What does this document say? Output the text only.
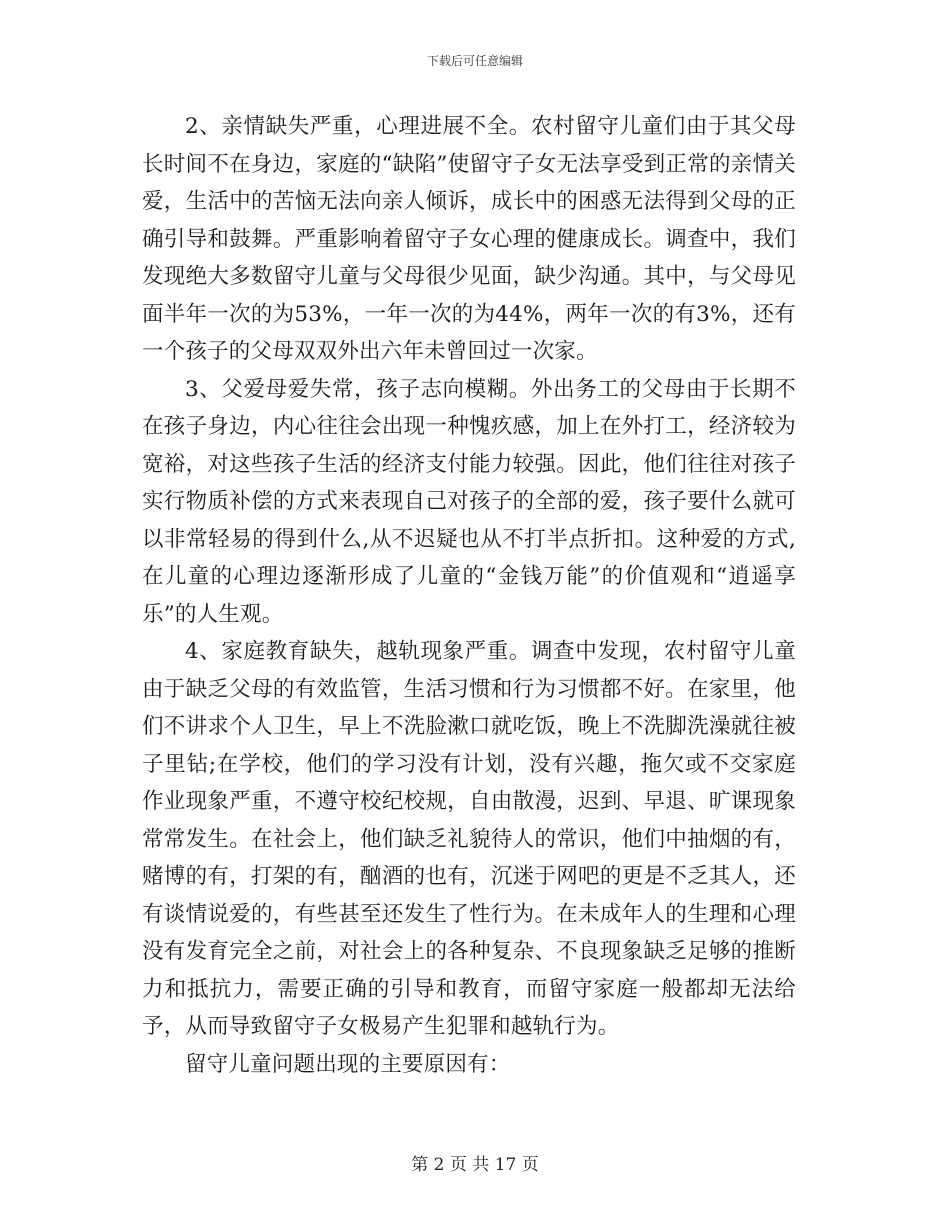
下载后可任意编辑

2、亲情缺失严重，心理进展不全。农村留守儿童们由于其父母长时间不在身边，家庭的“缺陷”使留守子女无法享受到正常的亲情关爱，生活中的苦恼无法向亲人倾诉，成长中的困惑无法得到父母的正确引导和鼓舞。严重影响着留守子女心理的健康成长。调查中，我们发现绝大多数留守儿童与父母很少见面，缺少沟通。其中，与父母见面半年一次的为53%，一年一次的为44%，两年一次的有3%，还有一个孩子的父母双双外出六年未曾回过一次家。

3、父爱母爱失常，孩子志向模糊。外出务工的父母由于长期不在孩子身边，内心往往会出现一种愧疚感，加上在外打工，经济较为宽裕，对这些孩子生活的经济支付能力较强。因此，他们往往对孩子实行物质补偿的方式来表现自己对孩子的全部的爱，孩子要什么就可以非常轻易的得到什么,从不迟疑也从不打半点折扣。这种爱的方式,在儿童的心理边逐渐形成了儿童的“金钱万能”的价值观和“逍遥享乐”的人生观。

4、家庭教育缺失，越轨现象严重。调查中发现，农村留守儿童由于缺乏父母的有效监管，生活习惯和行为习惯都不好。在家里，他们不讲求个人卫生，早上不洗脸漱口就吃饭，晚上不洗脚洗澡就往被子里钻;在学校，他们的学习没有计划，没有兴趣，拖欠或不交家庭作业现象严重，不遵守校纪校规，自由散漫，迟到、早退、旷课现象常常发生。在社会上，他们缺乏礼貌待人的常识，他们中抽烟的有，赌博的有，打架的有，酗酒的也有，沉迷于网吧的更是不乏其人，还有谈情说爱的，有些甚至还发生了性行为。在未成年人的生理和心理没有发育完全之前，对社会上的各种复杂、不良现象缺乏足够的推断力和抵抗力，需要正确的引导和教育，而留守家庭一般都却无法给予，从而导致留守子女极易产生犯罪和越轨行为。

留守儿童问题出现的主要原因有：

第 2 页 共 17 页
